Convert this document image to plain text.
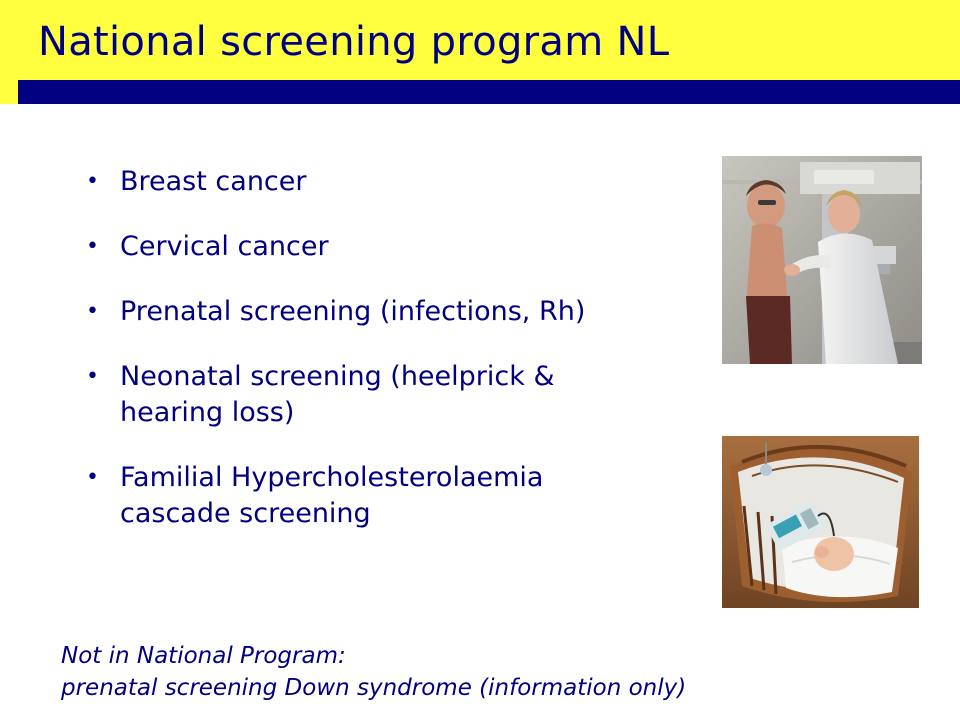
National screening program NL
• Breast cancer
• Cervical cancer
• Prenatal screening (infections, Rh)
• Neonatal screening (heelprick &
hearing loss)
• Familial Hypercholesterolaemia
cascade screening
Not in National Program:
prenatal screening Down syndrome (information only)
